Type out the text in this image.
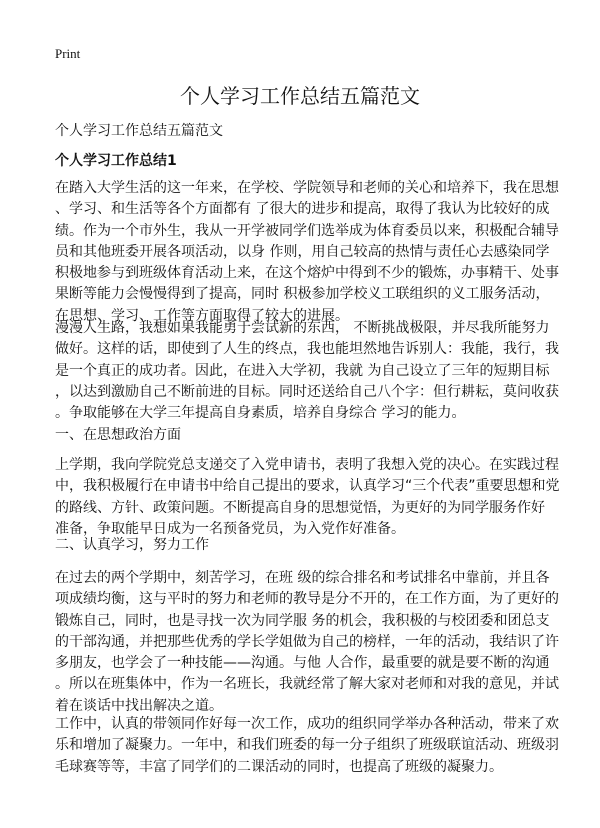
Print
个人学习工作总结五篇范文
个人学习工作总结五篇范文
个人学习工作总结1
在踏入大学生活的这一年来，在学校、学院领导和老师的关心和培养下，我在思想
、学习、和生活等各个方面都有 了很大的进步和提高，取得了我认为比较好的成
绩。作为一个市外生，我从一开学被同学们选举成为体育委员以来，积极配合辅导
员和其他班委开展各项活动，以身 作则，用自己较高的热情与责任心去感染同学
积极地参与到班级体育活动上来，在这个熔炉中得到不少的锻炼，办事精干、处事
果断等能力会慢慢得到了提高，同时 积极参加学校义工联组织的义工服务活动，
在思想、学习、工作等方面取得了较大的进展。
漫漫人生路，我想如果我能勇于尝试新的东西， 不断挑战极限，并尽我所能努力
做好。这样的话，即使到了人生的终点，我也能坦然地告诉别人：我能，我行，我
是一个真正的成功者。因此，在进入大学初，我就 为自己设立了三年的短期目标
，以达到激励自己不断前进的目标。同时还送给自己八个字：但行耕耘，莫问收获
。争取能够在大学三年提高自身素质，培养自身综合 学习的能力。
一、在思想政治方面
上学期，我向学院党总支递交了入党申请书，表明了我想入党的决心。在实践过程
中，我积极履行在申请书中给自己提出的要求，认真学习“三个代表”重要思想和党
的路线、方针、政策问题。不断提高自身的思想觉悟，为更好的为同学服务作好
准备，争取能早日成为一名预备党员，为入党作好准备。
二、认真学习，努力工作
在过去的两个学期中，刻苦学习，在班 级的综合排名和考试排名中靠前，并且各
项成绩均衡，这与平时的努力和老师的教导是分不开的，在工作方面，为了更好的
锻炼自己，同时，也是寻找一次为同学服 务的机会，我积极的与校团委和团总支
的干部沟通，并把那些优秀的学长学姐做为自己的榜样，一年的活动，我结识了许
多朋友，也学会了一种技能——沟通。与他 人合作，最重要的就是要不断的沟通
。所以在班集体中，作为一名班长，我就经常了解大家对老师和对我的意见，并试
着在谈话中找出解决之道。
工作中，认真的带领同作好每一次工作，成功的组织同学举办各种活动，带来了欢
乐和增加了凝聚力。一年中，和我们班委的每一分子组织了班级联谊活动、班级羽
毛球赛等等，丰富了同学们的二课活动的同时，也提高了班级的凝聚力。
